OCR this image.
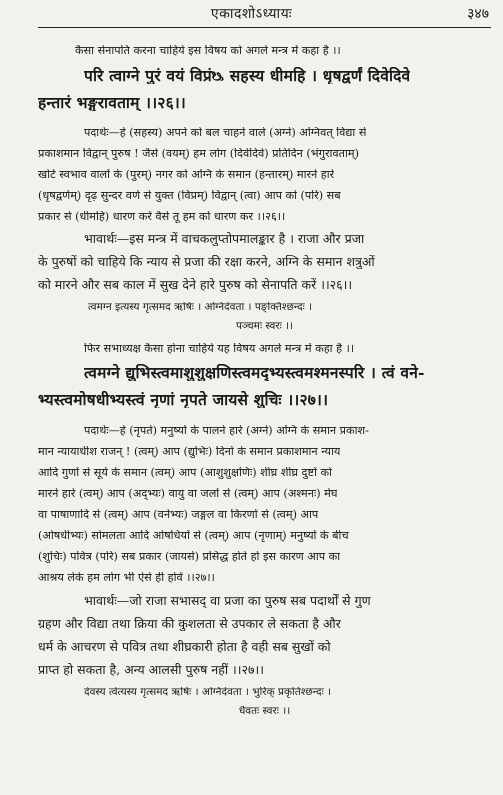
एकादशोऽध्यायः	३४७
कैसा सेनापति करना चाहिये इस विषय को अगले मन्त्र में कहा है ।।
परि त्वाग्ने पुरं वयं विप्रंᳬ सहस्य धीमहि । धृषद्वर्णं दिवेदिवे
हन्तारं भङ्गुरावताम् ।।२६।।
पदार्थः—हे (सहस्य) अपने को बल चाहने वाले (अग्ने) अग्निवत् विद्या से
प्रकाशमान विद्वान् पुरुष ! जैसे (वयम्) हम लोग (दिवेदिवे) प्रतिदिन (भंगुरावताम्)
खोटे स्वभाव वालों के (पुरम्) नगर को अग्नि के समान (हन्तारम्) मारने हारे
(धृषद्वर्णम्) दृढ़ सुन्दर वर्ण से युक्त (विप्रम्) विद्वान् (त्वा) आप को (परि) सब
प्रकार से (धीमहि) धारण करें वैसे तू हम को धारण कर ।।२६।।
भावार्थः—इस मन्त्र में वाचकलुप्तोपमालङ्कार है । राजा और प्रजा
के पुरुषों को चाहिये कि न्याय से प्रजा की रक्षा करने, अग्नि के समान शत्रुओं
को मारने और सब काल में सुख देने हारे पुरुष को सेनापति करें ।।२६।।
त्वमग्न इत्यस्य गृत्समद ऋषिः । अग्निर्देवता । पङ्क्तिश्छन्दः ।
पञ्चमः स्वरः ।।
फिर सभाध्यक्ष कैसा होना चाहिये यह विषय अगले मन्त्र में कहा है ।।
त्वमग्ने द्युभिस्त्वमाशुशुक्षणिस्त्वमद्भ्यस्त्वमश्मनस्परि । त्वं वने-
भ्यस्त्वमोषधीभ्यस्त्वं नृणां नृपते जायसे शुचिः ।।२७।।
पदार्थः—हे (नृपते) मनुष्यों के पालने हारे (अग्ने) अग्नि के समान प्रकाश-
मान न्यायाधीश राजन् ! (त्वम्) आप (द्युभिः) दिनों के समान प्रकाशमान न्याय
आदि गुणों से सूर्य के समान (त्वम्) आप (आशुशुक्षणिः) शीघ्र शीघ्र दुष्टों को
मारने हारे (त्वम्) आप (अद्भ्यः) वायु वा जलों से (त्वम्) आप (अश्मनः) मेघ
वा पाषाणादि से (त्वम्) आप (वनेभ्यः) जङ्गल वा किरणों से (त्वम्) आप
(ओषधीभ्यः) सोमलता आदि ओषधियों से (त्वम्) आप (नृणाम्) मनुष्यों के बीच
(शुचिः) पवित्र (परि) सब प्रकार (जायसे) प्रसिद्ध होते हो इस कारण आप का
आश्रय लेके हम लोग भी ऐसे ही होवें ।।२७।।
भावार्थः—जो राजा सभासद् वा प्रजा का पुरुष सब पदार्थों से गुण
ग्रहण और विद्या तथा क्रिया की कुशलता से उपकार ले सकता है और
धर्म के आचरण से पवित्र तथा शीघ्रकारी होता है वही सब सुखों को
प्राप्त हो सकता है, अन्य आलसी पुरुष नहीं ।।२७।।
देवस्य त्वेत्यस्य गृत्समद ऋषिः । अग्निर्देवता । भुरिक् प्रकृतिश्छन्दः ।
धैवतः स्वरः ।।
